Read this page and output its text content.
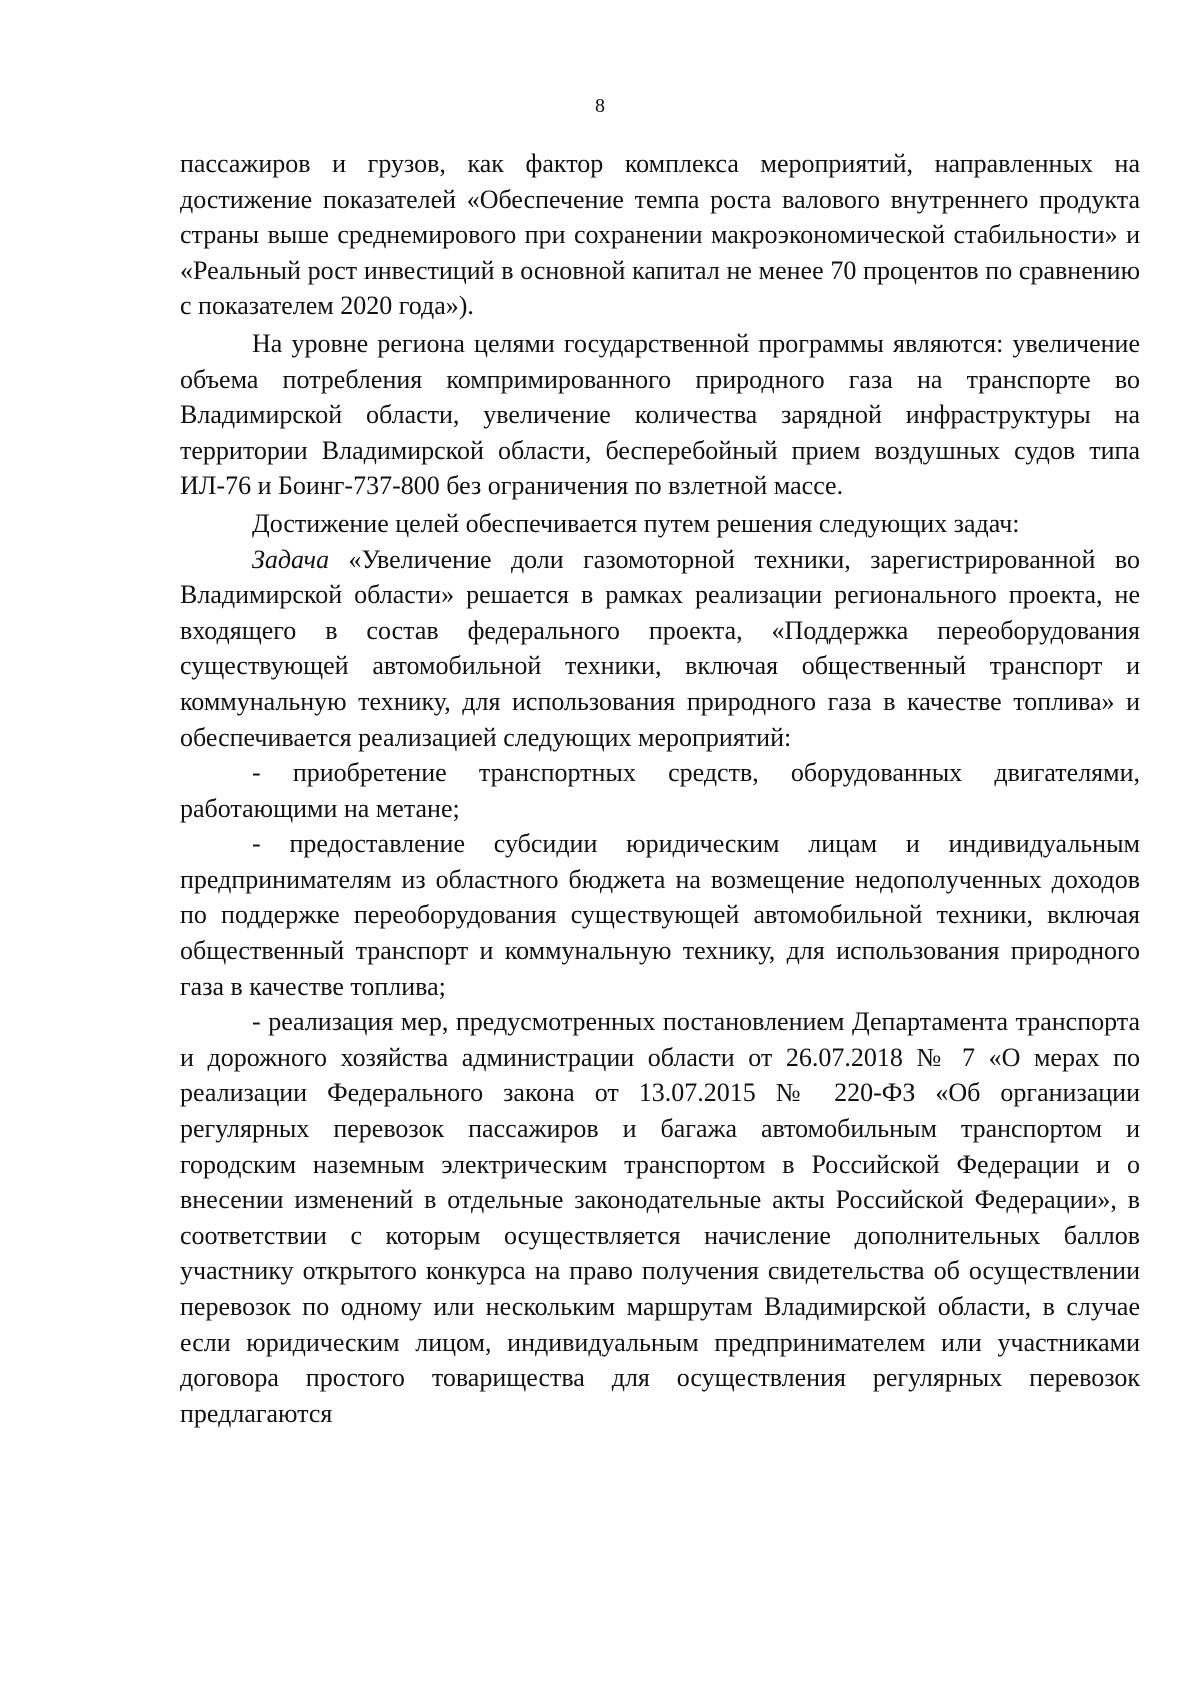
8

пассажиров и грузов, как фактор комплекса мероприятий, направленных на достижение показателей «Обеспечение темпа роста валового внутреннего продукта страны выше среднемирового при сохранении макроэкономической стабильности» и «Реальный рост инвестиций в основной капитал не менее 70 процентов по сравнению с показателем 2020 года»).

На уровне региона целями государственной программы являются: увеличение объема потребления компримированного природного газа на транспорте во Владимирской области, увеличение количества зарядной инфраструктуры на территории Владимирской области, бесперебойный прием воздушных судов типа ИЛ-76 и Боинг-737-800 без ограничения по взлетной массе.

Достижение целей обеспечивается путем решения следующих задач:

Задача «Увеличение доли газомоторной техники, зарегистрированной во Владимирской области» решается в рамках реализации регионального проекта, не входящего в состав федерального проекта, «Поддержка переоборудования существующей автомобильной техники, включая общественный транспорт и коммунальную технику, для использования природного газа в качестве топлива» и обеспечивается реализацией следующих мероприятий:

- приобретение транспортных средств, оборудованных двигателями, работающими на метане;

- предоставление субсидии юридическим лицам и индивидуальным предпринимателям из областного бюджета на возмещение недополученных доходов по поддержке переоборудования существующей автомобильной техники, включая общественный транспорт и коммунальную технику, для использования природного газа в качестве топлива;

- реализация мер, предусмотренных постановлением Департамента транспорта и дорожного хозяйства администрации области от 26.07.2018 № 7 «О мерах по реализации Федерального закона от 13.07.2015 № 220-ФЗ «Об организации регулярных перевозок пассажиров и багажа автомобильным транспортом и городским наземным электрическим транспортом в Российской Федерации и о внесении изменений в отдельные законодательные акты Российской Федерации», в соответствии с которым осуществляется начисление дополнительных баллов участнику открытого конкурса на право получения свидетельства об осуществлении перевозок по одному или нескольким маршрутам Владимирской области, в случае если юридическим лицом, индивидуальным предпринимателем или участниками договора простого товарищества для осуществления регулярных перевозок предлагаются
